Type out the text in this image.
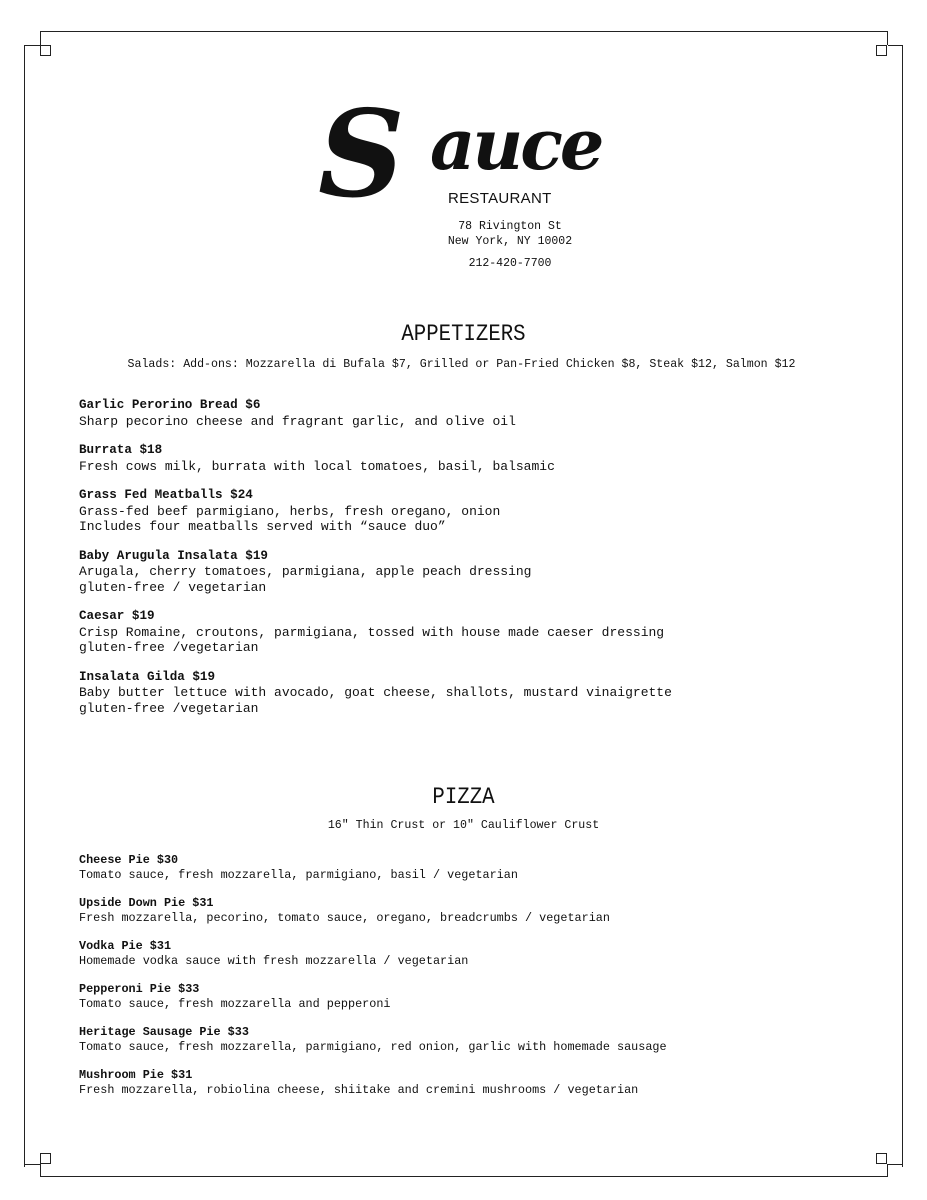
S auce
RESTAURANT
78 Rivington St
New York, NY 10002
212-420-7700
APPETIZERS
Salads: Add-ons: Mozzarella di Bufala $7, Grilled or Pan-Fried Chicken $8, Steak $12, Salmon $12
Garlic Perorino Bread $6
Sharp pecorino cheese and fragrant garlic, and olive oil
Burrata $18
Fresh cows milk, burrata with local tomatoes, basil, balsamic
Grass Fed Meatballs $24
Grass-fed beef parmigiano, herbs, fresh oregano, onion
Includes four meatballs served with “sauce duo”
Baby Arugula Insalata $19
Arugala, cherry tomatoes, parmigiana, apple peach dressing
gluten-free / vegetarian
Caesar $19
Crisp Romaine, croutons, parmigiana, tossed with house made caeser dressing
gluten-free /vegetarian
Insalata Gilda $19
Baby butter lettuce with avocado, goat cheese, shallots, mustard vinaigrette
gluten-free /vegetarian
PIZZA
16" Thin Crust or 10" Cauliflower Crust
Cheese Pie $30
Tomato sauce, fresh mozzarella, parmigiano, basil / vegetarian
Upside Down Pie $31
Fresh mozzarella, pecorino, tomato sauce, oregano, breadcrumbs / vegetarian
Vodka Pie $31
Homemade vodka sauce with fresh mozzarella / vegetarian
Pepperoni Pie $33
Tomato sauce, fresh mozzarella and pepperoni
Heritage Sausage Pie $33
Tomato sauce, fresh mozzarella, parmigiano, red onion, garlic with homemade sausage
Mushroom Pie $31
Fresh mozzarella, robiolina cheese, shiitake and cremini mushrooms / vegetarian
